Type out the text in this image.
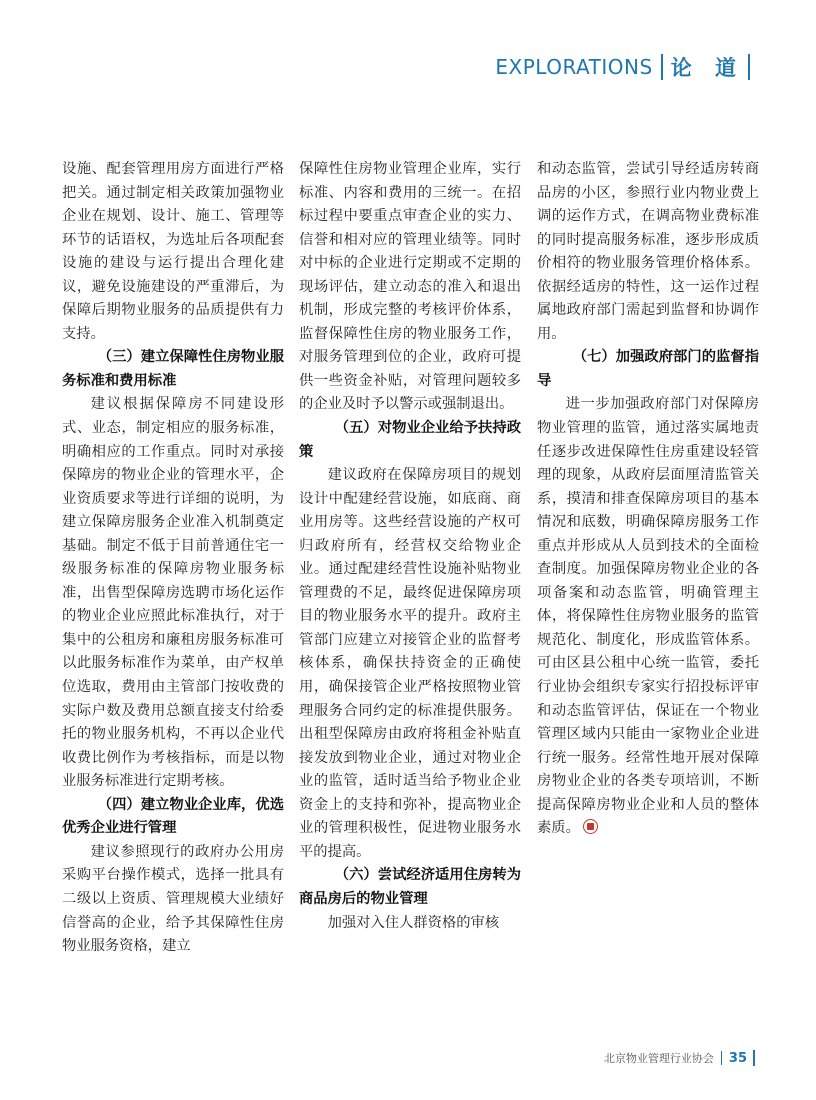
EXPLORATIONS 论 道

设施、配套管理用房方面进行严格把关。通过制定相关政策加强物业企业在规划、设计、施工、管理等环节的话语权，为选址后各项配套设施的建设与运行提出合理化建议，避免设施建设的严重滞后，为保障后期物业服务的品质提供有力支持。

（三）建立保障性住房物业服务标准和费用标准

建议根据保障房不同建设形式、业态，制定相应的服务标准，明确相应的工作重点。同时对承接保障房的物业企业的管理水平，企业资质要求等进行详细的说明，为建立保障房服务企业准入机制奠定基础。制定不低于目前普通住宅一级服务标准的保障房物业服务标准，出售型保障房选聘市场化运作的物业企业应照此标准执行，对于集中的公租房和廉租房服务标准可以此服务标准作为菜单，由产权单位选取，费用由主管部门按收费的实际户数及费用总额直接支付给委托的物业服务机构，不再以企业代收费比例作为考核指标，而是以物业服务标准进行定期考核。

（四）建立物业企业库，优选优秀企业进行管理

建议参照现行的政府办公用房采购平台操作模式，选择一批具有二级以上资质、管理规模大业绩好信誉高的企业，给予其保障性住房物业服务资格，建立

保障性住房物业管理企业库，实行标准、内容和费用的三统一。在招标过程中要重点审查企业的实力、信誉和相对应的管理业绩等。同时对中标的企业进行定期或不定期的现场评估，建立动态的准入和退出机制，形成完整的考核评价体系，监督保障性住房的物业服务工作，对服务管理到位的企业，政府可提供一些资金补贴，对管理问题较多的企业及时予以警示或强制退出。

（五）对物业企业给予扶持政策

建议政府在保障房项目的规划设计中配建经营设施，如底商、商业用房等。这些经营设施的产权可归政府所有，经营权交给物业企业。通过配建经营性设施补贴物业管理费的不足，最终促进保障房项目的物业服务水平的提升。政府主管部门应建立对接管企业的监督考核体系，确保扶持资金的正确使用，确保接管企业严格按照物业管理服务合同约定的标准提供服务。出租型保障房由政府将租金补贴直接发放到物业企业，通过对物业企业的监管，适时适当给予物业企业资金上的支持和弥补，提高物业企业的管理积极性，促进物业服务水平的提高。

（六）尝试经济适用住房转为商品房后的物业管理

加强对入住人群资格的审核

和动态监管，尝试引导经适房转商品房的小区，参照行业内物业费上调的运作方式，在调高物业费标准的同时提高服务标准，逐步形成质价相符的物业服务管理价格体系。依据经适房的特性，这一运作过程属地政府部门需起到监督和协调作用。

（七）加强政府部门的监督指导

进一步加强政府部门对保障房物业管理的监管，通过落实属地责任逐步改进保障性住房重建设轻管理的现象，从政府层面厘清监管关系，摸清和排查保障房项目的基本情况和底数，明确保障房服务工作重点并形成从人员到技术的全面检查制度。加强保障房物业企业的各项备案和动态监管，明确管理主体，将保障性住房物业服务的监管规范化、制度化，形成监管体系。可由区县公租中心统一监管，委托行业协会组织专家实行招投标评审和动态监管评估，保证在一个物业管理区域内只能由一家物业企业进行统一服务。经常性地开展对保障房物业企业的各类专项培训，不断提高保障房物业企业和人员的整体素质。

北京物业管理行业协会 35
